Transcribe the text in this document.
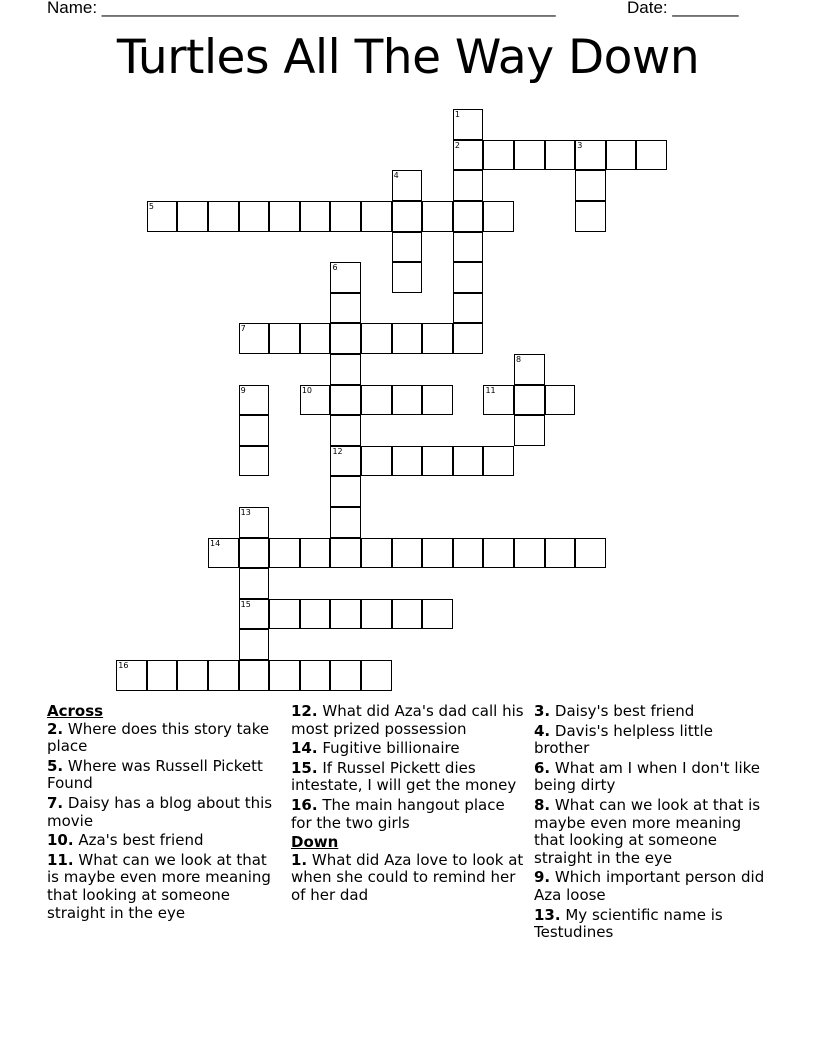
Name: ________________________________________________	Date: _______
Turtles All The Way Down
1
2	3
4
5
6
12
7
8
9	10	11
13
15
14
16
Across
2. Where does this story take place
5. Where was Russell Pickett Found
7. Daisy has a blog about this movie
10. Aza's best friend
11. What can we look at that is maybe even more meaning that looking at someone straight in the eye
12. What did Aza's dad call his most prized possession
14. Fugitive billionaire
15. If Russel Pickett dies intestate, I will get the money
16. The main hangout place for the two girls
Down
1. What did Aza love to look at when she could to remind her of her dad
3. Daisy's best friend
4. Davis's helpless little brother
6. What am I when I don't like being dirty
8. What can we look at that is maybe even more meaning that looking at someone straight in the eye
9. Which important person did Aza loose
13. My scientific name is Testudines
